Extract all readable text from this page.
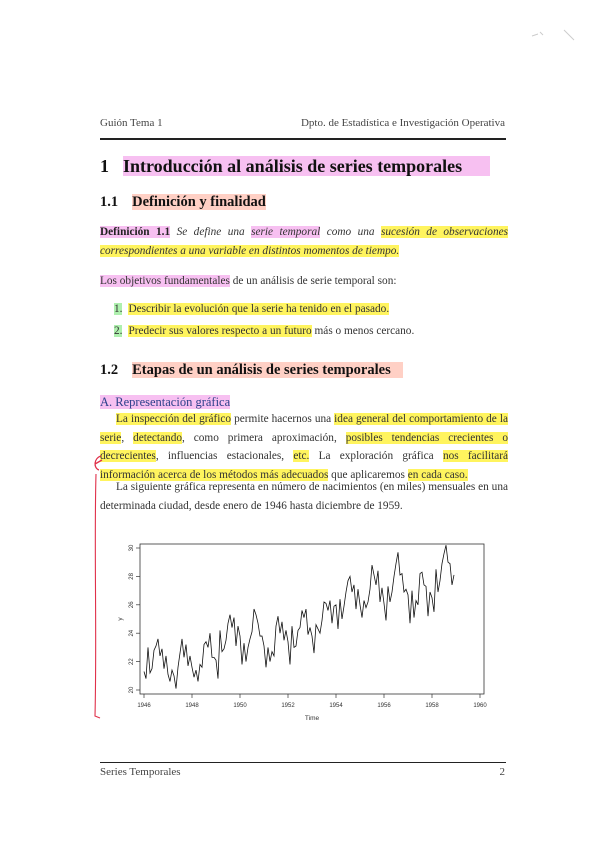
Guión Tema 1	Dpto. de Estadística e Investigación Operativa
1 Introducción al análisis de series temporales
1.1 Definición y finalidad
Definición 1.1 Se define una serie temporal como una sucesión de observaciones correspondientes a una variable en distintos momentos de tiempo.
Los objetivos fundamentales de un análisis de serie temporal son:
1. Describir la evolución que la serie ha tenido en el pasado.
2. Predecir sus valores respecto a un futuro más o menos cercano.
1.2 Etapas de un análisis de series temporales
A. Representación gráfica
La inspección del gráfico permite hacernos una idea general del comportamiento de la serie, detectando, como primera aproximación, posibles tendencias crecientes o decrecientes, influencias estacionales, etc. La exploración gráfica nos facilitará información acerca de los métodos más adecuados que aplicaremos en cada caso.
La siguiente gráfica representa en número de nacimientos (en miles) mensuales en una determinada ciudad, desde enero de 1946 hasta diciembre de 1959.
1946	1948	1950	1952	1954	1956	1958	1960
20
22
24
26
28
30
Time
y
Series Temporales	2
